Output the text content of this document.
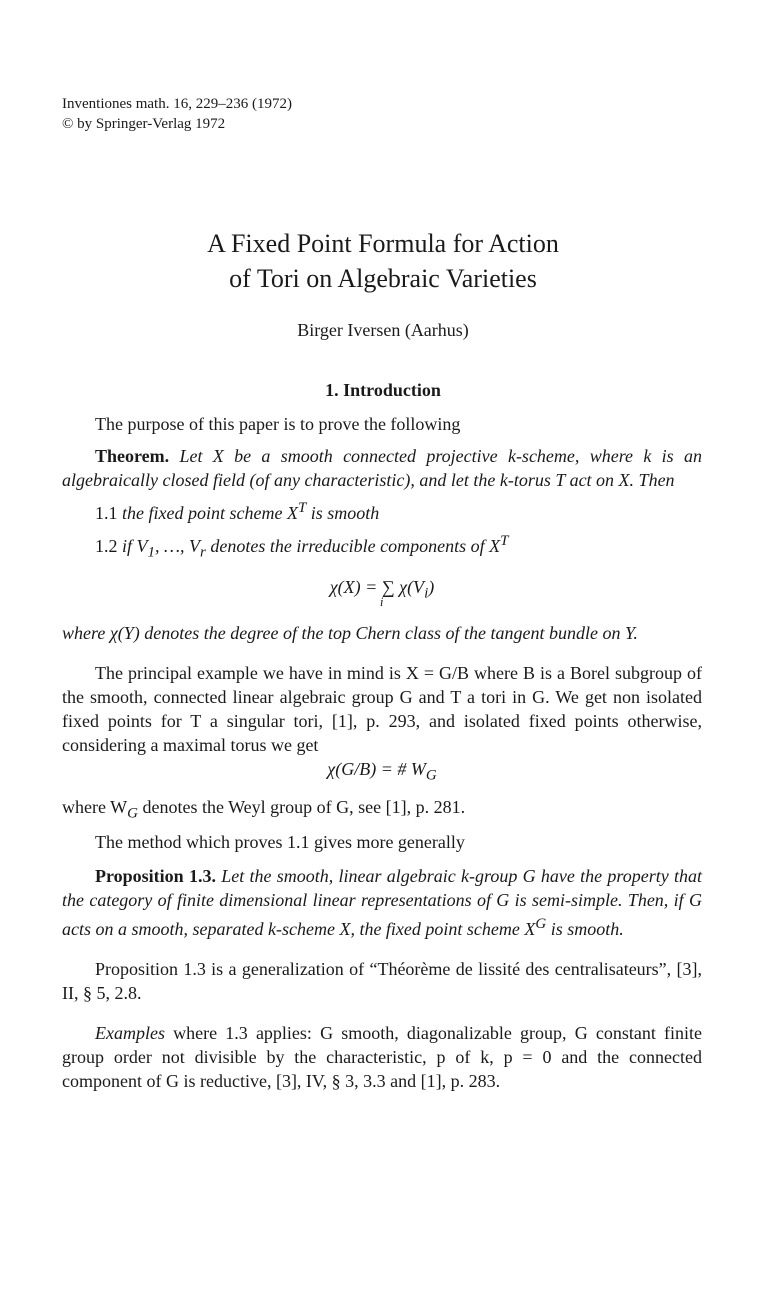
Inventiones math. 16, 229–236 (1972)
© by Springer-Verlag 1972
A Fixed Point Formula for Action
of Tori on Algebraic Varieties
Birger Iversen (Aarhus)
1. Introduction

The purpose of this paper is to prove the following

Theorem. Let X be a smooth connected projective k-scheme, where k is an algebraically closed field (of any characteristic), and let the k-torus T act on X. Then

1.1 the fixed point scheme $X^T$ is smooth

1.2 if $V_1$, …, $V_r$ denotes the irreducible components of $X^T$

χ(X) = ∑ $\chi(V_i)$
i

where χ(Y) denotes the degree of the top Chern class of the tangent bundle on Y.

The principal example we have in mind is X = G/B where B is a Borel subgroup of the smooth, connected linear algebraic group G and T a tori in G. We get non isolated fixed points for T a singular tori, [1], p. 293, and isolated fixed points otherwise, considering a maximal torus we get

χ(G/B) = # $W_G$

where $W_G$ denotes the Weyl group of G, see [1], p. 281.

The method which proves 1.1 gives more generally

Proposition 1.3. Let the smooth, linear algebraic k-group G have the property that the category of finite dimensional linear representations of G is semi-simple. Then, if G acts on a smooth, separated k-scheme X, the fixed point scheme $X^G$ is smooth.

Proposition 1.3 is a generalization of “Théorème de lissité des centralisateurs”, [3], II, § 5, 2.8.

Examples where 1.3 applies: G smooth, diagonalizable group, G constant finite group order not divisible by the characteristic, p of k, p = 0 and the connected component of G is reductive, [3], IV, § 3, 3.3 and [1], p. 283.
